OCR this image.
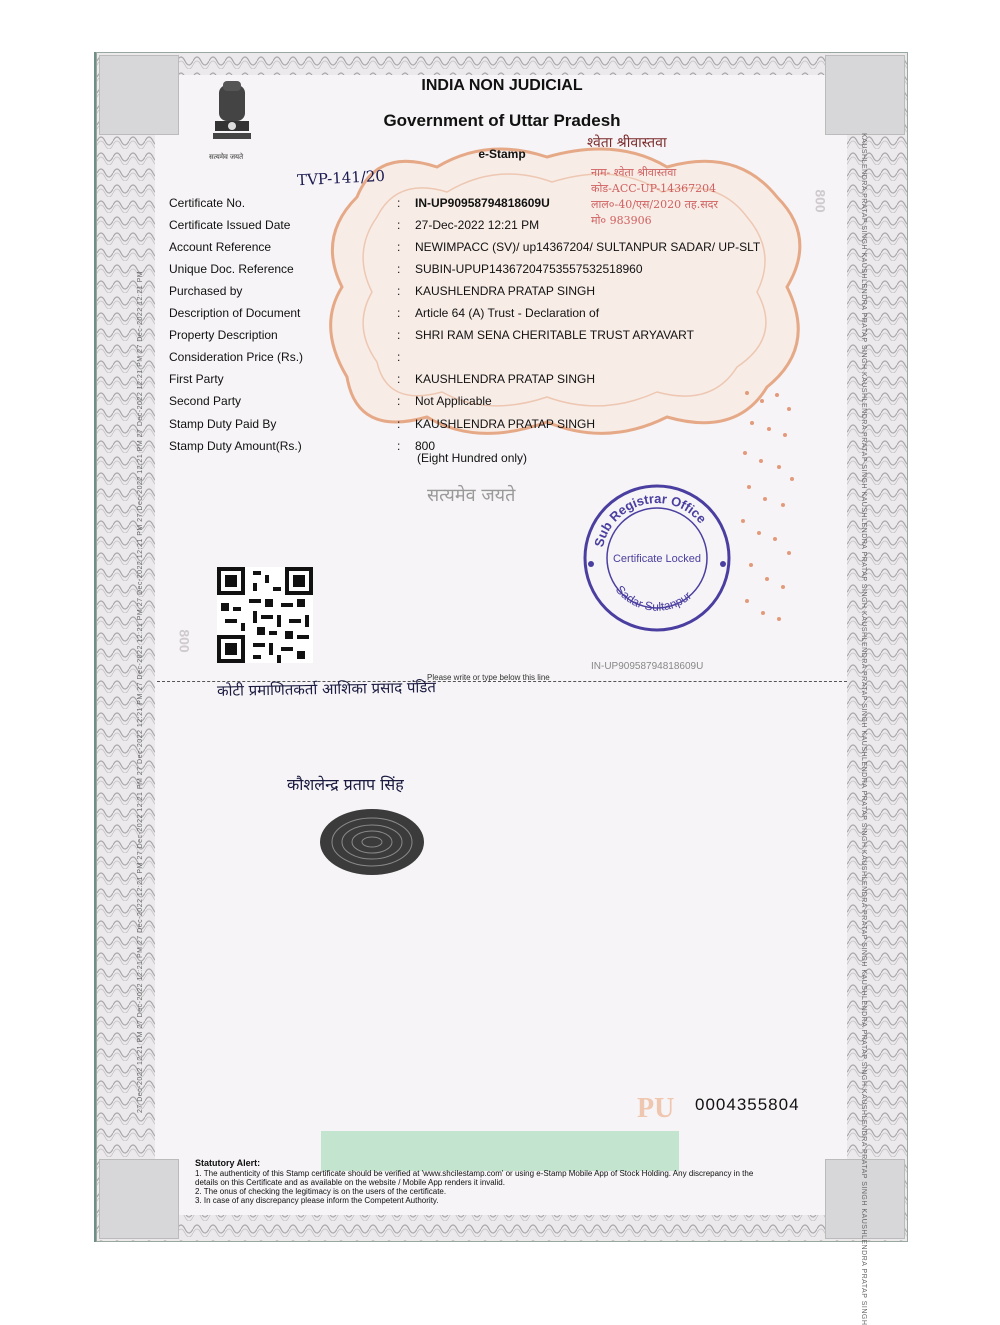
27 Dec-2022 12:21 PM 27 Dec-2022 12:21 PM 27 Dec-2022 12:21 PM 27 Dec-2022 12:21 PM 27 Dec-2022 12:21 PM 27 Dec-2022 12:21 PM 27 Dec-2022 12:21 PM 27 Dec-2022 12:21 PM 27 Dec-2022 12:21 PM 27 Dec-2022 12:21 PM
KAUSHLENDRA PRATAP SINGH KAUSHLENDRA PRATAP SINGH KAUSHLENDRA PRATAP SINGH KAUSHLENDRA PRATAP SINGH KAUSHLENDRA PRATAP SINGH KAUSHLENDRA PRATAP SINGH KAUSHLENDRA PRATAP SINGH KAUSHLENDRA PRATAP SINGH KAUSHLENDRA PRATAP SINGH KAUSHLENDRA PRATAP SINGH
सत्यमेव जयते
INDIA NON JUDICIAL
Government of Uttar Pradesh
e-Stamp
श्वेता श्रीवास्तवा
नाम- श्वेता श्रीवास्तवा
कोड-ACC-UP-14367204
लाल०-40/एस/2020 तह.सदर
मो० 983906
TVP-141/20
Certificate No.	: IN-UP90958794818609U
Certificate Issued Date	: 27-Dec-2022 12:21 PM
Account Reference	: NEWIMPACC (SV)/ up14367204/ SULTANPUR SADAR/ UP-SLT
Unique Doc. Reference	: SUBIN-UPUP14367204753557532518960
Purchased by	: KAUSHLENDRA PRATAP SINGH
Description of Document	: Article 64 (A) Trust - Declaration of
Property Description	: SHRI RAM SENA CHERITABLE TRUST ARYAVART
Consideration Price (Rs.)	:
First Party	: KAUSHLENDRA PRATAP SINGH
Second Party	: Not Applicable
Stamp Duty Paid By	: KAUSHLENDRA PRATAP SINGH
Stamp Duty Amount(Rs.)	: 800
(Eight Hundred only)
सत्यमेव जयते
800
800
Sub Registrar Office
Sadar Sultanpur
Certificate Locked
IN-UP90958794818609U
Please write or type below this line
कोटी प्रमाणितकर्ता आशिका प्रसाद पंडित
कौशलेन्द्र प्रताप सिंह
PU 0004355804
Statutory Alert:
1. The authenticity of this Stamp certificate should be verified at 'www.shcilestamp.com' or using e-Stamp Mobile App of Stock Holding. Any discrepancy in the details on this Certificate and as available on the website / Mobile App renders it invalid.
2. The onus of checking the legitimacy is on the users of the certificate.
3. In case of any discrepancy please inform the Competent Authority.
